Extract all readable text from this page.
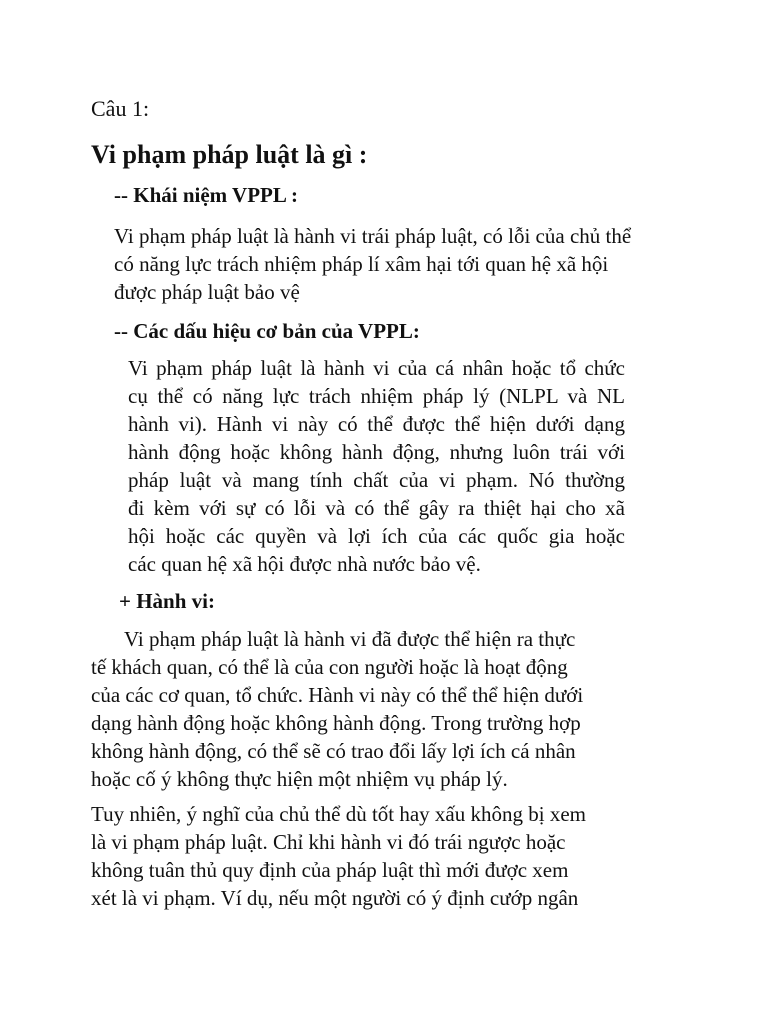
Câu 1:

Vi phạm pháp luật là gì :

-- Khái niệm VPPL :

Vi phạm pháp luật là hành vi trái pháp luật, có lỗi của chủ thể
có năng lực trách nhiệm pháp lí xâm hại tới quan hệ xã hội
được pháp luật bảo vệ

-- Các dấu hiệu cơ bản của VPPL:

Vi phạm pháp luật là hành vi của cá nhân hoặc tổ chức
cụ thể có năng lực trách nhiệm pháp lý (NLPL và NL
hành vi). Hành vi này có thể được thể hiện dưới dạng
hành động hoặc không hành động, nhưng luôn trái với
pháp luật và mang tính chất của vi phạm. Nó thường
đi kèm với sự có lỗi và có thể gây ra thiệt hại cho xã
hội hoặc các quyền và lợi ích của các quốc gia hoặc
các quan hệ xã hội được nhà nước bảo vệ.

+ Hành vi:

Vi phạm pháp luật là hành vi đã được thể hiện ra thực
tế khách quan, có thể là của con người hoặc là hoạt động
của các cơ quan, tổ chức. Hành vi này có thể thể hiện dưới
dạng hành động hoặc không hành động. Trong trường hợp
không hành động, có thể sẽ có trao đổi lấy lợi ích cá nhân
hoặc cố ý không thực hiện một nhiệm vụ pháp lý.
Tuy nhiên, ý nghĩ của chủ thể dù tốt hay xấu không bị xem
là vi phạm pháp luật. Chỉ khi hành vi đó trái ngược hoặc
không tuân thủ quy định của pháp luật thì mới được xem
xét là vi phạm. Ví dụ, nếu một người có ý định cướp ngân
